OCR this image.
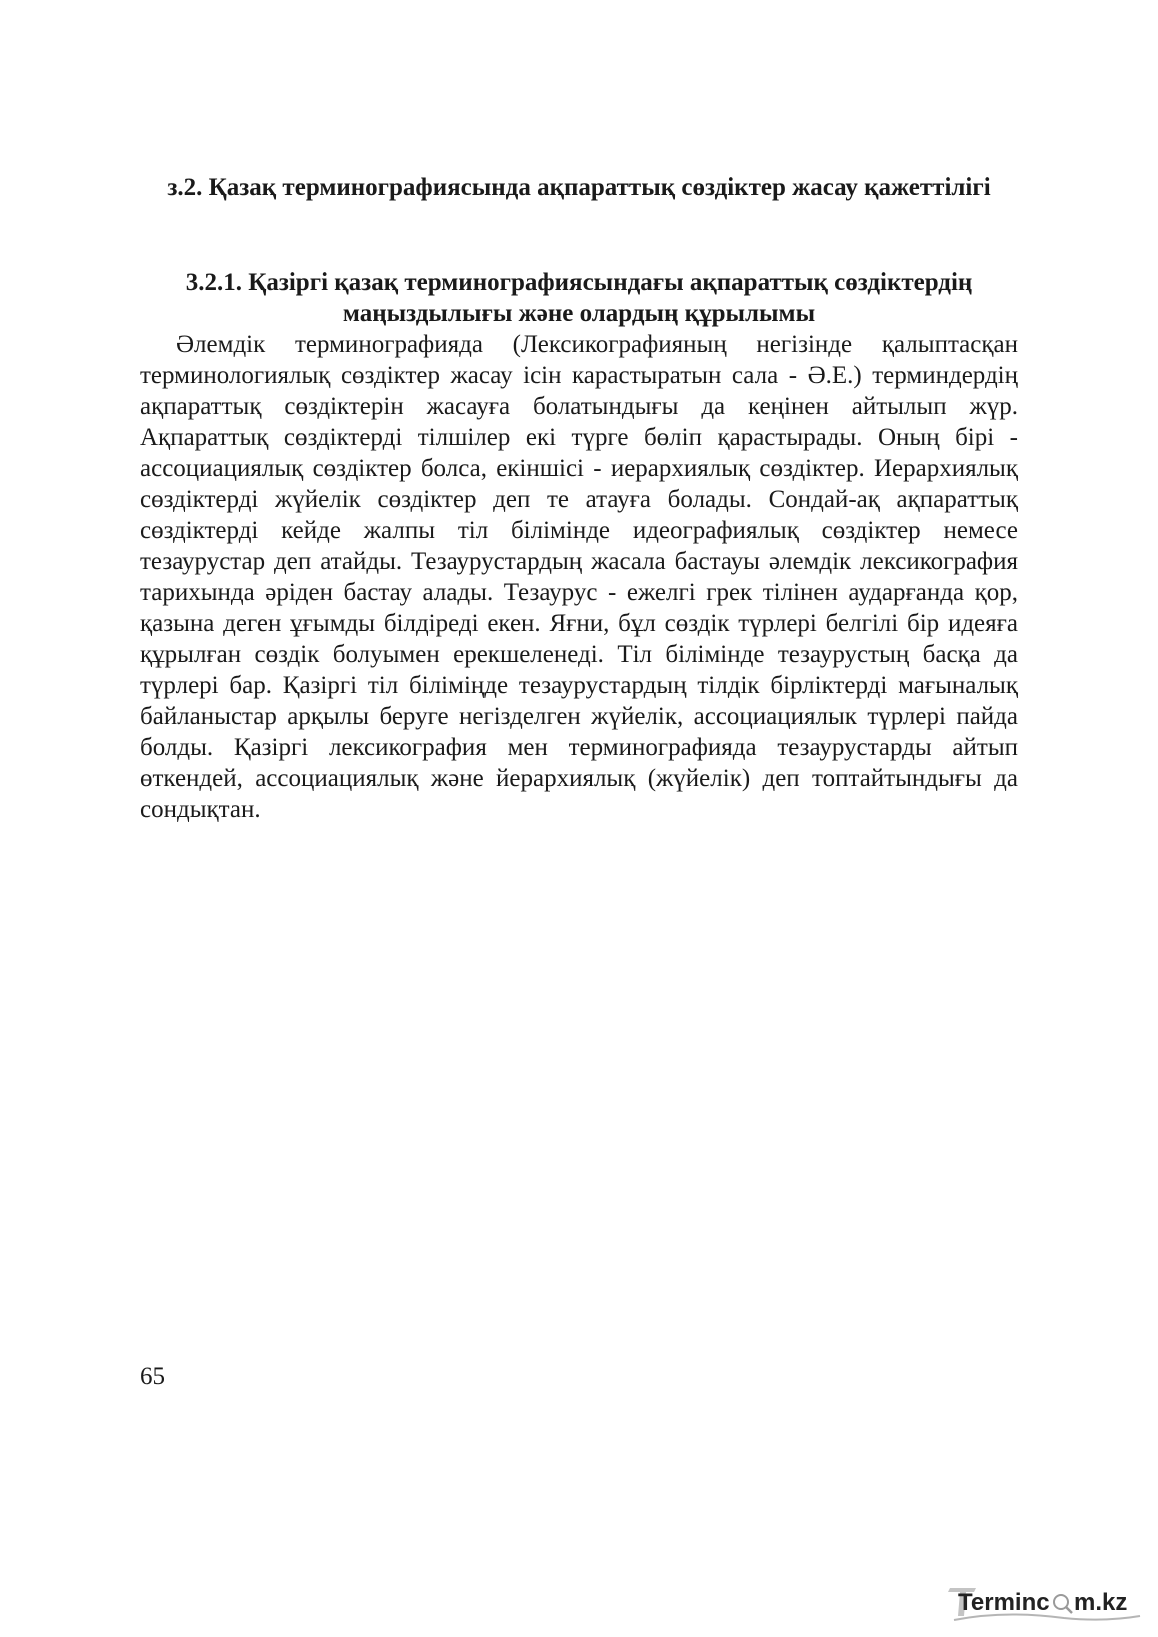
з.2. Қазақ терминографиясында ақпараттық сөздіктер жасау қажеттілігі
3.2.1. Қазіргі қазақ терминографиясындағы ақпараттық сөздіктердің маңыздылығы және олардың құрылымы

Әлемдік терминографияда (Лексикографияның негізінде қалыптасқан терминологиялық сөздіктер жасау ісін карастыратын сала - Ә.Е.) терминдердің ақпараттық сөздіктерін жасауға болатындығы да кеңінен айтылып жүр. Ақпараттық сөздіктерді тілшілер екі түрге бөліп қарастырады. Оның бірі - ассоциациялық сөздіктер болса, екіншісі - иерархиялық сөздіктер. Иерархиялық сөздіктерді жүйелік сөздіктер деп те атауға болады. Сондай-ақ ақпараттық сөздіктерді кейде жалпы тіл білімінде идеографиялық сөздіктер немесе тезаурустар деп атайды. Тезаурустардың жасала бастауы әлемдік лексикография тарихында әріден бастау алады. Тезаурус - ежелгі грек тілінен аударғанда қор, қазына деген ұғымды білдіреді екен. Яғни, бұл сөздік түрлері белгілі бір идеяға құрылған сөздік болуымен ерекшеленеді. Тіл білімінде тезаурустың басқа да түрлері бар. Қазіргі тіл біліміңде тезаурустардың тілдік бірліктерді мағыналық байланыстар арқылы беруге негізделген жүйелік, ассоциациялык түрлері пайда болды. Қазіргі лексикография мен терминографияда тезаурустарды айтып өткендей, ассоциациялық және йерархиялық (жүйелік) деп топтайтындығы да сондықтан.

65
Terminc m.kz
